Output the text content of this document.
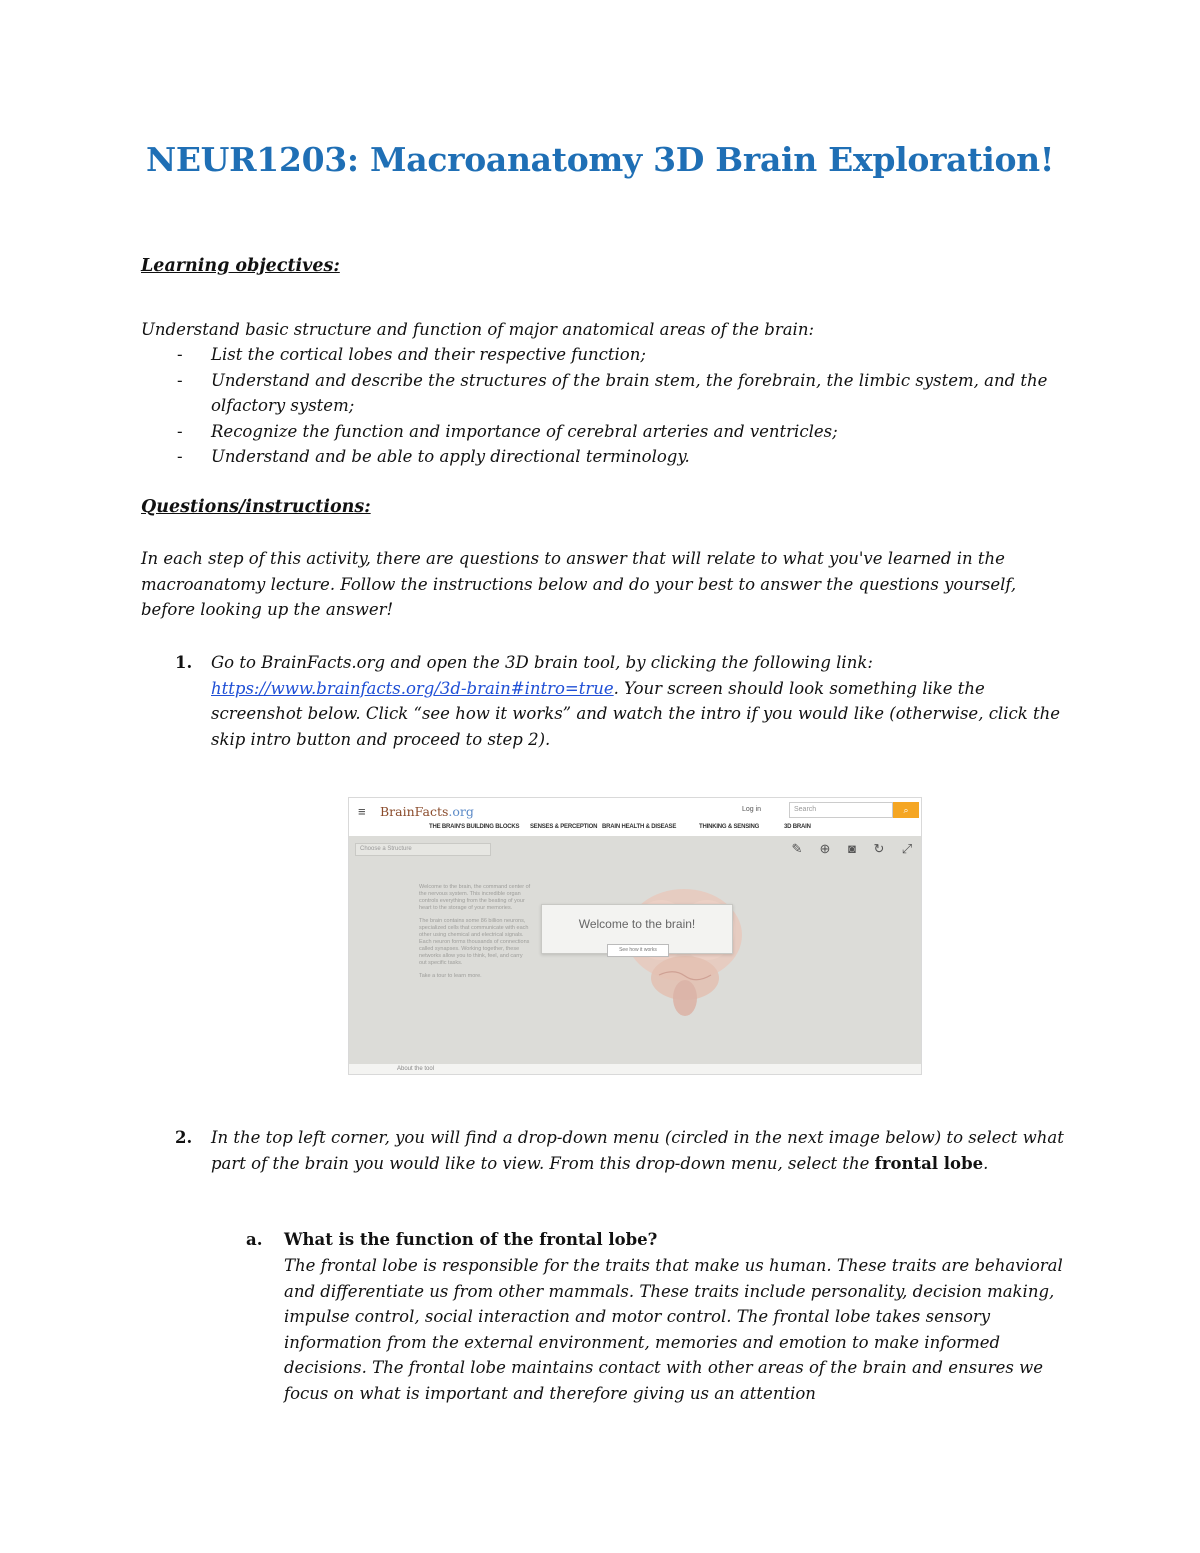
NEUR1203: Macroanatomy 3D Brain Exploration!
Learning objectives:

Understand basic structure and function of major anatomical areas of the brain:

- List the cortical lobes and their respective function;
- Understand and describe the structures of the brain stem, the forebrain, the limbic system, and the olfactory system;
- Recognize the function and importance of cerebral arteries and ventricles;
- Understand and be able to apply directional terminology.
Questions/instructions:

In each step of this activity, there are questions to answer that will relate to what you've learned in the macroanatomy lecture. Follow the instructions below and do your best to answer the questions yourself, before looking up the answer!

1. Go to BrainFacts.org and open the 3D brain tool, by clicking the following link: https://www.brainfacts.org/3d-brain#intro=true. Your screen should look something like the screenshot below. Click “see how it works” and watch the intro if you would like (otherwise, click the skip intro button and proceed to step 2).
≡ BrainFacts.org	Log in	Search	⌕
THE BRAIN'S BUILDING BLOCKS SENSES & PERCEPTION BRAIN HEALTH & DISEASE	THINKING & SENSING	3D BRAIN
Choose a Structure	✎ ⊕	◙	↻ ⤢

Welcome to the brain, the command center of the nervous system. This incredible organ controls everything from the beating of your heart to the storage of your memories.

The brain contains some 86 billion neurons, specialized cells that communicate with each other using chemical and electrical signals. Each neuron forms thousands of connections called synapses. Working together, these networks allow you to think, feel, and carry out specific tasks.

Take a tour to learn more.

Welcome to the brain!
See how it works
About the tool
2. In the top left corner, you will find a drop-down menu (circled in the next image below) to select what part of the brain you would like to view. From this drop-down menu, select the frontal lobe.
a. What is the function of the frontal lobe?
The frontal lobe is responsible for the traits that make us human. These traits are behavioral and differentiate us from other mammals. These traits include personality, decision making, impulse control, social interaction and motor control. The frontal lobe takes sensory information from the external environment, memories and emotion to make informed decisions. The frontal lobe maintains contact with other areas of the brain and ensures we focus on what is important and therefore giving us an attention
